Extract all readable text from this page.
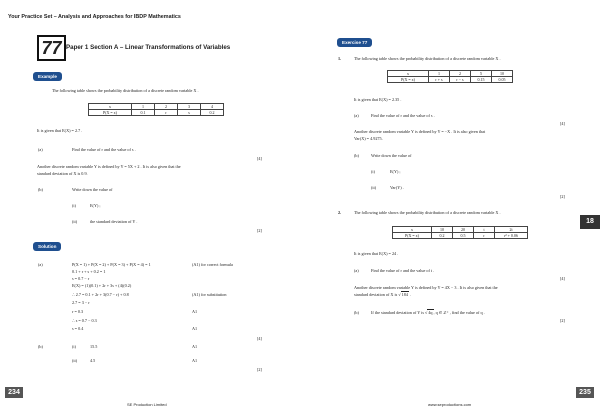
Your Practice Set – Analysis and Approaches for IBDP Mathematics
77 Paper 1 Section A – Linear Transformations of Variables
Example
The following table shows the probability distribution of a discrete random variable X .
x	1	2	3	4
P(X = x)	0.1	r	s	0.2
It is given that E(X) = 2.7 .
(a)	Find the value of r and the value of s .
[4]
Another discrete random variable Y is defined by Y = 5X + 2 . It is also given that the
standard deviation of X is 0.9.
(b)	Write down the value of
(i)	E(Y) ;
(ii)	the standard deviation of Y .
[2]
Solution
(a)	P(X = 1) + P(X = 2) + P(X = 3) + P(X = 4) = 1
0.1 + r + s + 0.2 = 1
s = 0.7 − r
E(X) = (1)(0.1) + 2r + 3s + (4)(0.2)
∴ 2.7 = 0.1 + 2r + 3(0.7 − r) + 0.8
2.7 = 3 − r
r = 0.3
∴ s = 0.7 − 0.3
s = 0.4
(A1) for correct formula
(A1) for substitution
A1
A1
[4]
(b)	(i)	15.5	A1
(ii)	4.5	A1
[2]
234
SE Production Limited
Exercise 77
1.	The following table shows the probability distribution of a discrete random variable X .
x	1	2	5	10
P(X = x)	r + s	r − s	0.15	0.05
It is given that E(X) = 2.35 .
(a)	Find the value of r and the value of s .
[4]
Another discrete random variable Y is defined by Y = −X . It is also given that
Var(X) = 4.9275.
(b)	Write down the value of
(i)	E(Y) ;
(ii)	Var(Y) .
[2]
2.	The following table shows the probability distribution of a discrete random variable X .
x	10	20	t	2t
P(X = x)	0.2	0.5	r	r² + 0.06
It is given that E(X) = 24 .
(a)	Find the value of r and the value of t .
[4]
Another discrete random variable Y is defined by Y = 4X − 3 . It is also given that the
standard deviation of X is √184 .
(b)	If the standard deviation of Y is √4q, q ∈ ℤ⁺ , find the value of q .
[2]
18
235
www.seproductions.com
